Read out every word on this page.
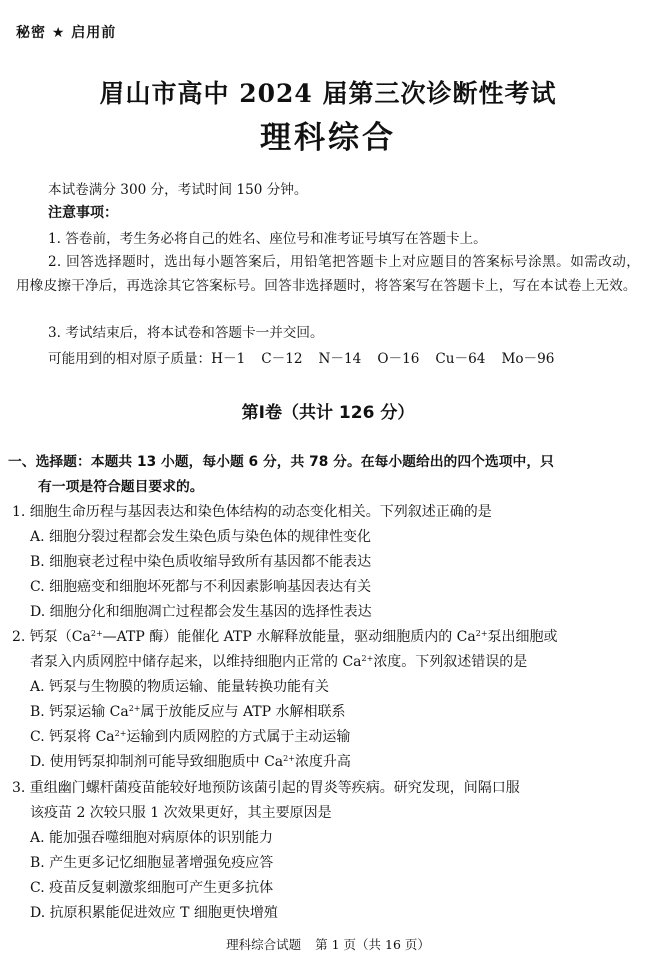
秘密 ★ 启用前
眉山市高中 2024 届第三次诊断性考试
理科综合
本试卷满分 300 分，考试时间 150 分钟。
注意事项：
1. 答卷前，考生务必将自己的姓名、座位号和准考证号填写在答题卡上。
2. 回答选择题时，选出每小题答案后，用铅笔把答题卡上对应题目的答案标号涂黑。如需改动，用橡皮擦干净后，再选涂其它答案标号。回答非选择题时，将答案写在答题卡上，写在本试卷上无效。
3. 考试结束后，将本试卷和答题卡一并交回。
可能用到的相对原子质量：H－1 C－12 N－14 O－16 Cu－64 Mo－96
第Ⅰ卷（共计 126 分）
一、选择题：本题共 13 小题，每小题 6 分，共 78 分。在每小题给出的四个选项中，只
有一项是符合题目要求的。
1. 细胞生命历程与基因表达和染色体结构的动态变化相关。下列叙述正确的是
A. 细胞分裂过程都会发生染色质与染色体的规律性变化
B. 细胞衰老过程中染色质收缩导致所有基因都不能表达
C. 细胞癌变和细胞坏死都与不利因素影响基因表达有关
D. 细胞分化和细胞凋亡过程都会发生基因的选择性表达
2. 钙泵（$Ca^{2+}—ATP$ 酶）能催化 ATP 水解释放能量，驱动细胞质内的 $Ca^{2+}$泵出细胞或
者泵入内质网腔中储存起来，以维持细胞内正常的 $Ca^{2+}$浓度。下列叙述错误的是
A. 钙泵与生物膜的物质运输、能量转换功能有关
B. 钙泵运输 $Ca^{2+}$属于放能反应与 ATP 水解相联系
C. 钙泵将 $Ca^{2+}$运输到内质网腔的方式属于主动运输
D. 使用钙泵抑制剂可能导致细胞质中 $Ca^{2+}$浓度升高
3. 重组幽门螺杆菌疫苗能较好地预防该菌引起的胃炎等疾病。研究发现，间隔口服
该疫苗 2 次较只服 1 次效果更好，其主要原因是
A. 能加强吞噬细胞对病原体的识别能力
B. 产生更多记忆细胞显著增强免疫应答
C. 疫苗反复刺激浆细胞可产生更多抗体
D. 抗原积累能促进效应 T 细胞更快增殖
理科综合试题 第 1 页（共 16 页）
